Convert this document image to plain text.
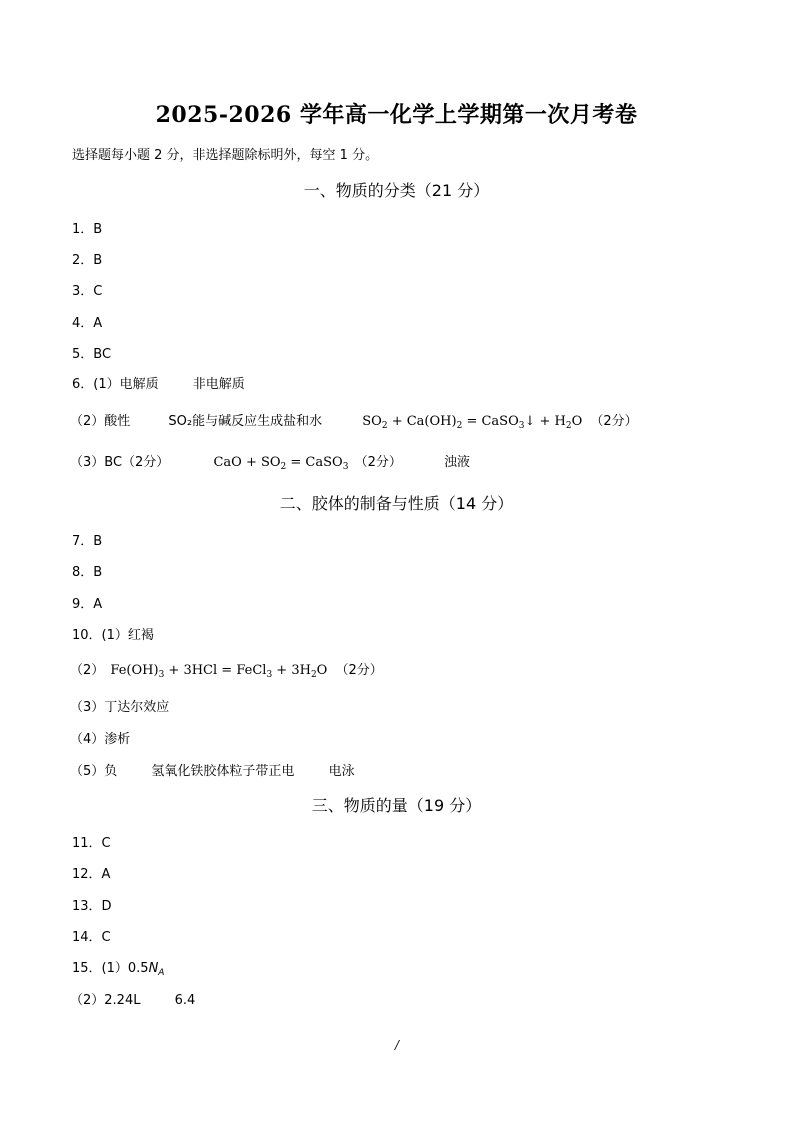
2025-2026 学年高一化学上学期第一次月考卷
选择题每小题 2 分，非选择题除标明外，每空 1 分。
一、物质的分类（21 分）
1．B
2．B
3．C
4．A
5．BC
6．(1）电解质	非电解质
（2）酸性	SO₂能与碱反应生成盐和水	$SO_2 + Ca(OH)_2$ = CaSO$_3$↓ + $H_2O$ （2分）
（3）BC（2分）	CaO + $SO_2$ = CaSO$_3$ （2分）	浊液
二、胶体的制备与性质（14 分）
7．B
8．B
9．A
10．(1）红褐
（2） $Fe(OH)_3 + 3HCl$ = FeCl$_3$ + $3H_2O$ （2分）
（3）丁达尔效应
（4）渗析
（5）负	氢氧化铁胶体粒子带正电	电泳
三、物质的量（19 分）
11．C
12．A
13．D
14．C
15．$(1)0.5N_A$
（2）2.24L	6.4
/
